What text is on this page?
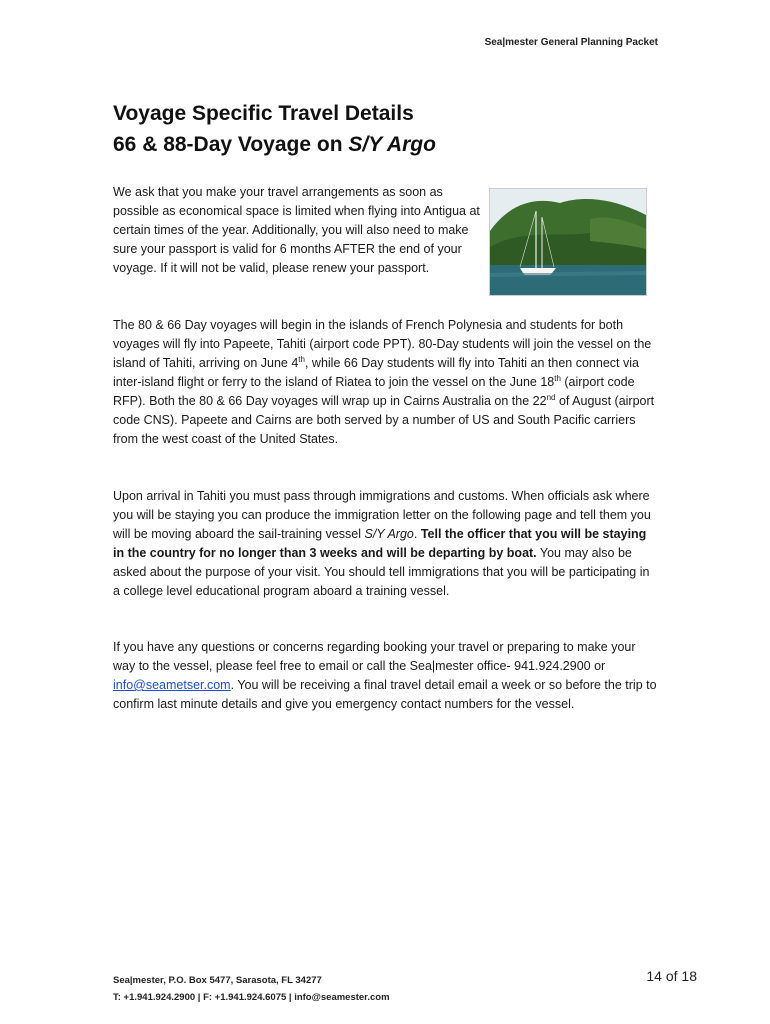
Sea|mester General Planning Packet
Voyage Specific Travel Details
66 & 88-Day Voyage on S/Y Argo

We ask that you make your travel arrangements as soon as possible as economical space is limited when flying into Antigua at certain times of the year. Additionally, you will also need to make sure your passport is valid for 6 months AFTER the end of your voyage. If it will not be valid, please renew your passport.

The 80 & 66 Day voyages will begin in the islands of French Polynesia and students for both voyages will fly into Papeete, Tahiti (airport code PPT). 80-Day students will join the vessel on the island of Tahiti, arriving on June 4th, while 66 Day students will fly into Tahiti an then connect via inter-island flight or ferry to the island of Riatea to join the vessel on the June 18th (airport code RFP). Both the 80 & 66 Day voyages will wrap up in Cairns Australia on the 22nd of August (airport code CNS). Papeete and Cairns are both served by a number of US and South Pacific carriers from the west coast of the United States.

Upon arrival in Tahiti you must pass through immigrations and customs. When officials ask where you will be staying you can produce the immigration letter on the following page and tell them you will be moving aboard the sail-training vessel S/Y Argo. Tell the officer that you will be staying in the country for no longer than 3 weeks and will be departing by boat. You may also be asked about the purpose of your visit. You should tell immigrations that you will be participating in a college level educational program aboard a training vessel.

If you have any questions or concerns regarding booking your travel or preparing to make your way to the vessel, please feel free to email or call the Sea|mester office- 941.924.2900 or info@seametser.com. You will be receiving a final travel detail email a week or so before the trip to confirm last minute details and give you emergency contact numbers for the vessel.

Sea|mester, P.O. Box 5477, Sarasota, FL 34277
T: +1.941.924.2900 | F: +1.941.924.6075 | info@seamester.com
14 of 18
